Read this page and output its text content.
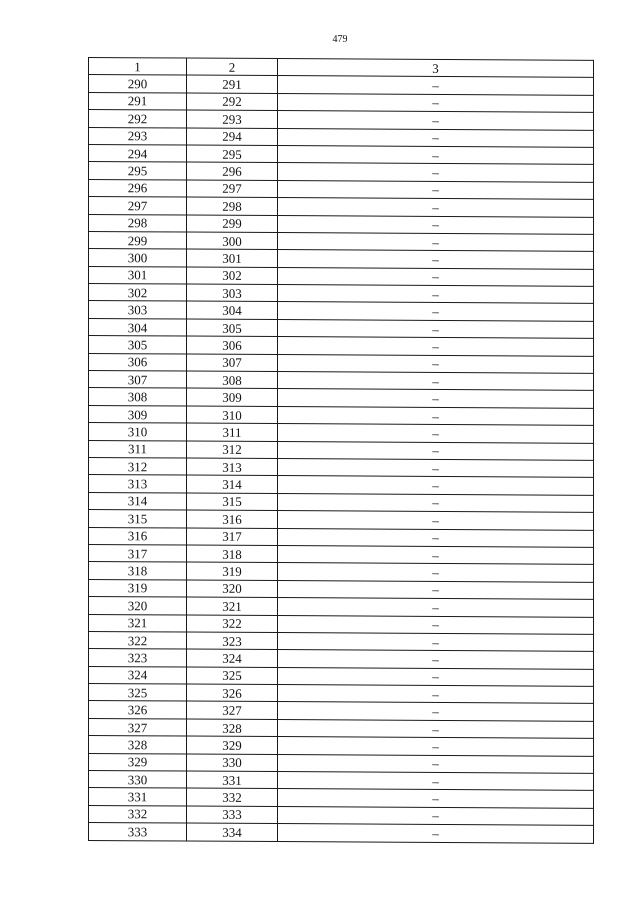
479
1	2	3
290	291	–
291	292	–
292	293	–
293	294	–
294	295	–
295	296	–
296	297	–
297	298	–
298	299	–
299	300	–
300	301	–
301	302	–
302	303	–
303	304	–
304	305	–
305	306	–
306	307	–
307	308	–
308	309	–
309	310	–
310	311	–
311	312	–
312	313	–
313	314	–
314	315	–
315	316	–
316	317	–
317	318	–
318	319	–
319	320	–
320	321	–
321	322	–
322	323	–
323	324	–
324	325	–
325	326	–
326	327	–
327	328	–
328	329	–
329	330	–
330	331	–
331	332	–
332	333	–
333	334	–
